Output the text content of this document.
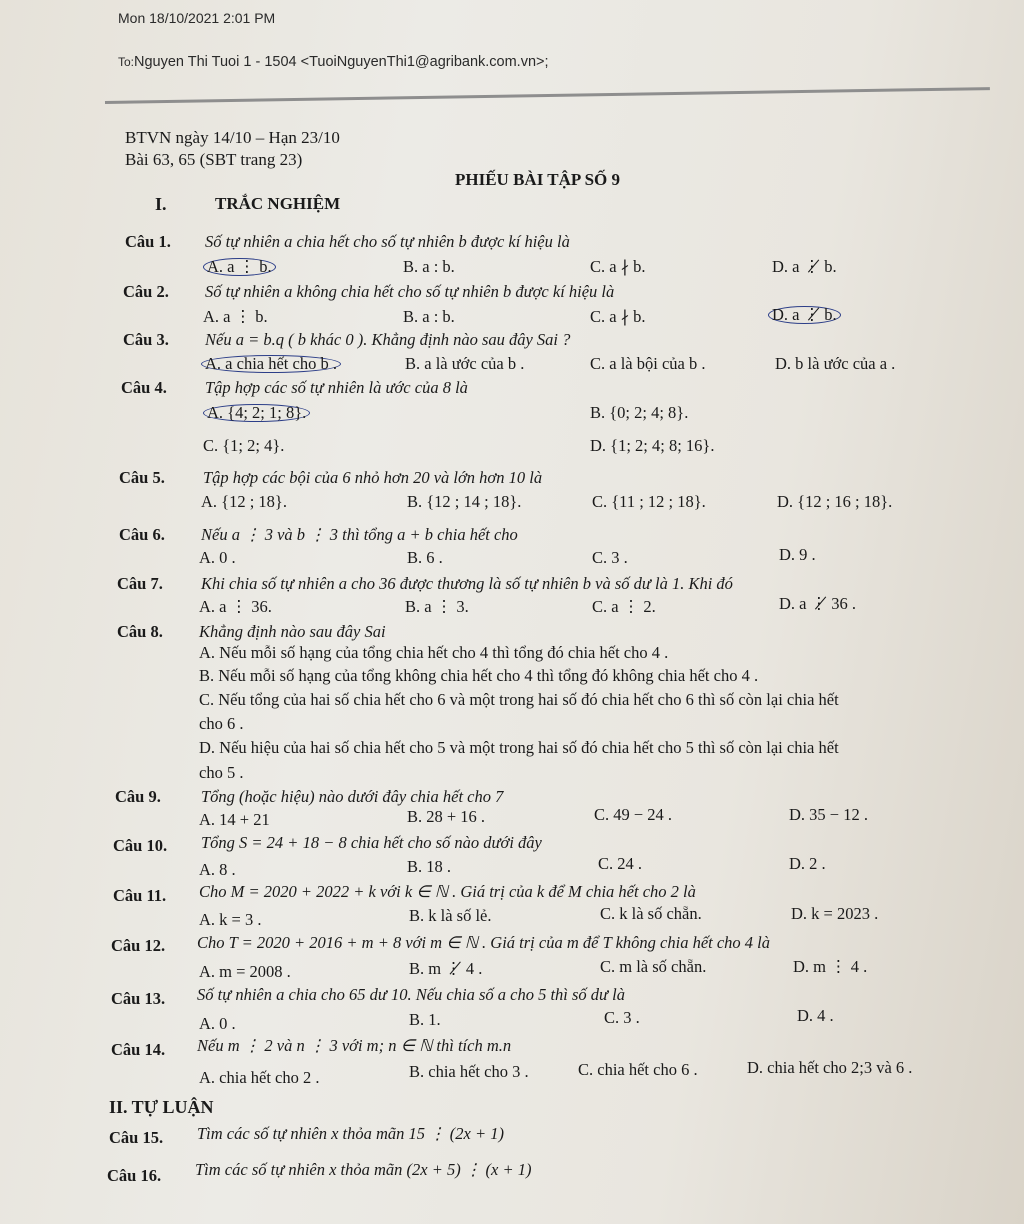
Mon 18/10/2021 2:01 PM
To:Nguyen Thi Tuoi 1 - 1504 <TuoiNguyenThi1@agribank.com.vn>;
BTVN ngày 14/10 – Hạn 23/10
Bài 63, 65 (SBT trang 23)
PHIẾU BÀI TẬP SỐ 9
I.	TRẮC NGHIỆM
Câu 1. Số tự nhiên a chia hết cho số tự nhiên b được kí hiệu là
A. a ⋮ b.	B. a : b.	C. a ∤ b.	D. a ⋮̸ b.
Câu 2. Số tự nhiên a không chia hết cho số tự nhiên b được kí hiệu là
A. a ⋮ b.	B. a : b.	C. a ∤ b.	D. a ⋮̸ b.
Câu 3. Nếu a = b.q ( b khác 0 ). Khẳng định nào sau đây Sai ?
A. a chia hết cho b .	B. a là ước của b .	C. a là bội của b .	D. b là ước của a .
Câu 4. Tập hợp các số tự nhiên là ước của 8 là
A. {4; 2; 1; 8}.	B. {0; 2; 4; 8}.
C. {1; 2; 4}.	D. {1; 2; 4; 8; 16}.
Câu 5. Tập hợp các bội của 6 nhỏ hơn 20 và lớn hơn 10 là
A. {12 ; 18}.	B. {12 ; 14 ; 18}.	C. {11 ; 12 ; 18}.	D. {12 ; 16 ; 18}.
Câu 6. Nếu a ⋮ 3 và b ⋮ 3 thì tổng a + b chia hết cho
A. 0 .	B. 6 .	C. 3 .	D. 9 .
Câu 7. Khi chia số tự nhiên a cho 36 được thương là số tự nhiên b và số dư là 1. Khi đó
A. a ⋮ 36.	B. a ⋮ 3.	C. a ⋮ 2.	D. a ⋮̸ 36 .
Câu 8. Khẳng định nào sau đây Sai
A. Nếu mỗi số hạng của tổng chia hết cho 4 thì tổng đó chia hết cho 4 .
B. Nếu mỗi số hạng của tổng không chia hết cho 4 thì tổng đó không chia hết cho 4 .
C. Nếu tổng của hai số chia hết cho 6 và một trong hai số đó chia hết cho 6 thì số còn lại chia hết
cho 6 .
D. Nếu hiệu của hai số chia hết cho 5 và một trong hai số đó chia hết cho 5 thì số còn lại chia hết
cho 5 .
Câu 9. Tổng (hoặc hiệu) nào dưới đây chia hết cho 7
A. 14 + 21	B. 28 + 16 .	C. 49 − 24 .	D. 35 − 12 .
Câu 10. Tổng S = 24 + 18 − 8 chia hết cho số nào dưới đây
A. 8 .	B. 18 .	C. 24 .	D. 2 .
Câu 11. Cho M = 2020 + 2022 + k với k ∈ ℕ . Giá trị của k để M chia hết cho 2 là
A. k = 3 .	B. k là số lẻ.	C. k là số chẵn.	D. k = 2023 .
Câu 12. Cho T = 2020 + 2016 + m + 8 với m ∈ ℕ . Giá trị của m để T không chia hết cho 4 là
A. m = 2008 .	B. m ⋮̸ 4 .	C. m là số chẵn.	D. m ⋮ 4 .
Câu 13. Số tự nhiên a chia cho 65 dư 10. Nếu chia số a cho 5 thì số dư là
A. 0 .	B. 1.	C. 3 .	D. 4 .
Câu 14. Nếu m ⋮ 2 và n ⋮ 3 với m; n ∈ ℕ thì tích m.n
A. chia hết cho 2 .	B. chia hết cho 3 .	C. chia hết cho 6 .	D. chia hết cho 2;3 và 6 .
II. TỰ LUẬN
Câu 15. Tìm các số tự nhiên x thỏa mãn 15 ⋮ (2x + 1)
Câu 16. Tìm các số tự nhiên x thỏa mãn (2x + 5) ⋮ (x + 1)
